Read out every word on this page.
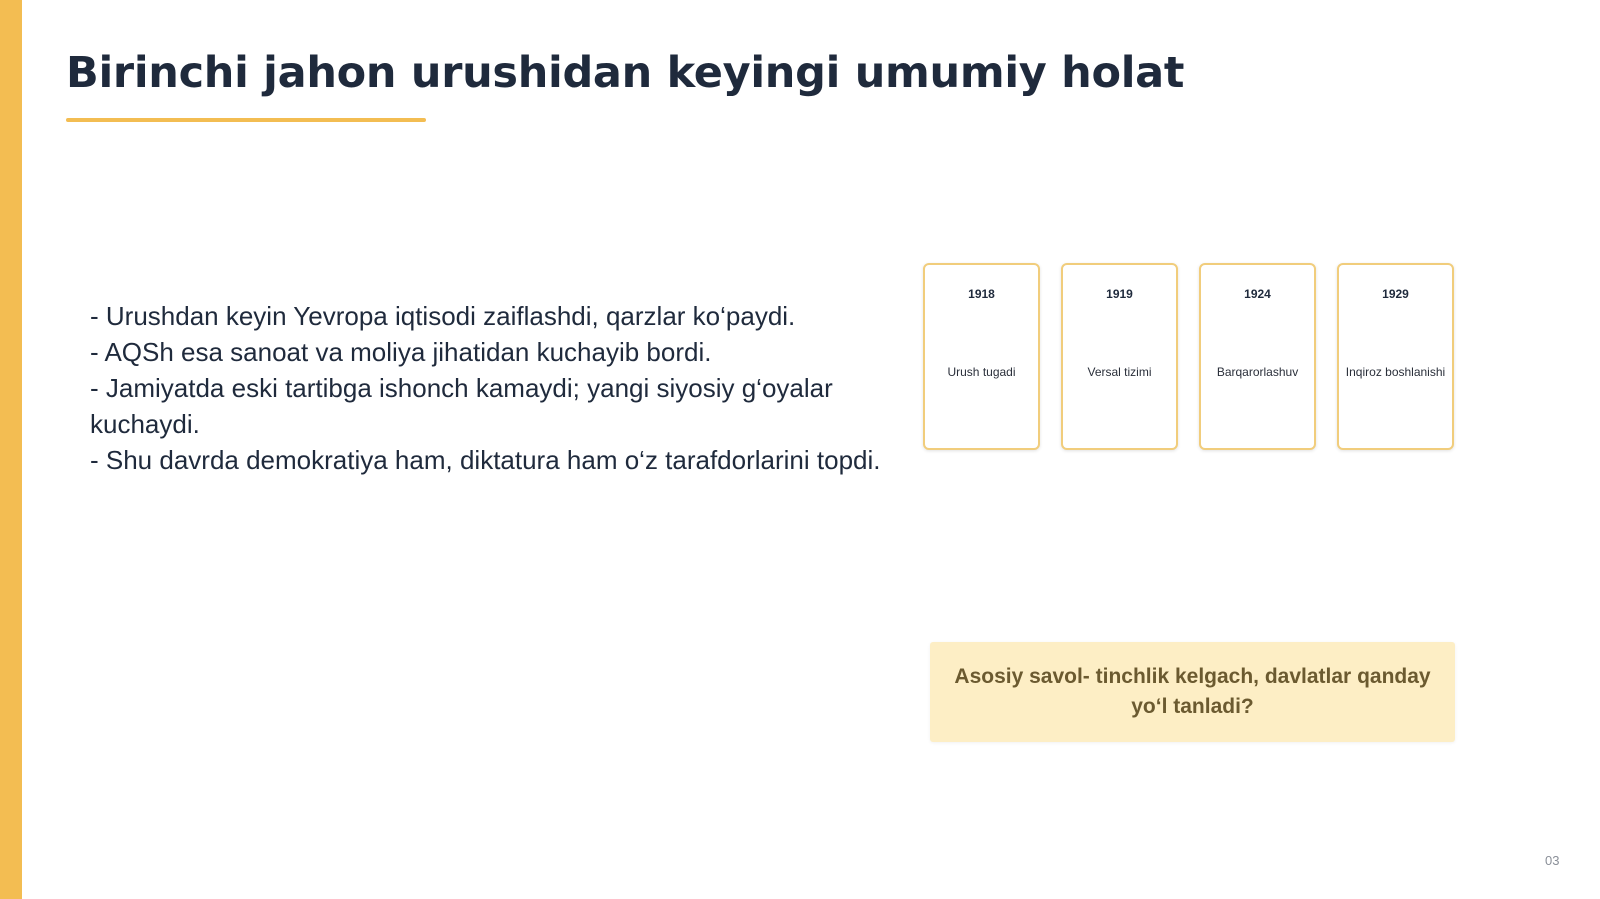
Birinchi jahon urushidan keyingi umumiy holat
- Urushdan keyin Yevropa iqtisodi zaiflashdi, qarzlar ko‘paydi.
- AQSh esa sanoat va moliya jihatidan kuchayib bordi.
- Jamiyatda eski tartibga ishonch kamaydi; yangi siyosiy g‘oyalar kuchaydi.
- Shu davrda demokratiya ham, diktatura ham o‘z tarafdorlarini topdi.
1918
Urush tugadi
1919
Versal tizimi
1924
Barqarorlashuv
1929
Inqiroz boshlanishi

Asosiy savol- tinchlik kelgach, davlatlar qanday yo‘l tanladi?

03
